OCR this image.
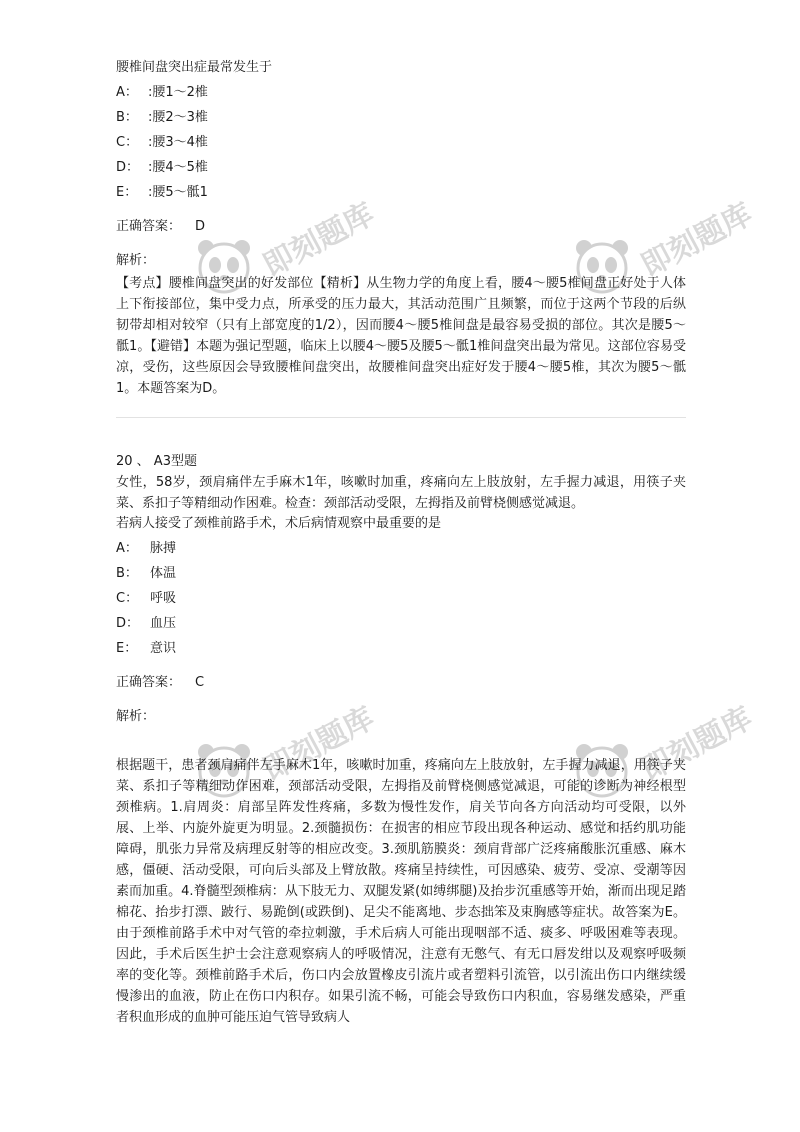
即刻题库	即刻题库
即刻题库	即刻题库

腰椎间盘突出症最常发生于

A： :腰1～2椎
B： :腰2～3椎
C： :腰3～4椎
D： :腰4～5椎
E： :腰5～骶1
正确答案： D
解析：

【考点】腰椎间盘突出的好发部位【精析】从生物力学的角度上看，腰4～腰5椎间盘正好处于人体上下衔接部位，集中受力点，所承受的压力最大，其活动范围广且频繁，而位于这两个节段的后纵韧带却相对较窄（只有上部宽度的1/2），因而腰4～腰5椎间盘是最容易受损的部位。其次是腰5～骶1。【避错】本题为强记型题，临床上以腰4～腰5及腰5～骶1椎间盘突出最为常见。这部位容易受凉，受伤，这些原因会导致腰椎间盘突出，故腰椎间盘突出症好发于腰4～腰5椎，其次为腰5～骶1。本题答案为D。

20 、 A3型题

女性，58岁，颈肩痛伴左手麻木1年，咳嗽时加重，疼痛向左上肢放射，左手握力减退，用筷子夹菜、系扣子等精细动作困难。检查：颈部活动受限，左拇指及前臂桡侧感觉减退。

若病人接受了颈椎前路手术，术后病情观察中最重要的是

A： 脉搏
B： 体温
C： 呼吸
D： 血压
E： 意识
正确答案： C
解析：

根据题干，患者颈肩痛伴左手麻木1年，咳嗽时加重，疼痛向左上肢放射，左手握力减退，用筷子夹菜、系扣子等精细动作困难，颈部活动受限，左拇指及前臂桡侧感觉减退，可能的诊断为神经根型颈椎病。1.肩周炎：肩部呈阵发性疼痛，多数为慢性发作，肩关节向各方向活动均可受限，以外展、上举、内旋外旋更为明显。2.颈髓损伤：在损害的相应节段出现各种运动、感觉和括约肌功能障碍，肌张力异常及病理反射等的相应改变。3.颈肌筋膜炎：颈肩背部广泛疼痛酸胀沉重感、麻木感，僵硬、活动受限，可向后头部及上臂放散。疼痛呈持续性，可因感染、疲劳、受凉、受潮等因素而加重。4.脊髓型颈椎病：从下肢无力、双腿发紧(如缚绑腿)及抬步沉重感等开始，渐而出现足踏棉花、抬步打漂、跛行、易跪倒(或跌倒)、足尖不能离地、步态拙笨及束胸感等症状。故答案为E。由于颈椎前路手术中对气管的牵拉刺激，手术后病人可能出现咽部不适、痰多、呼吸困难等表现。因此，手术后医生护士会注意观察病人的呼吸情况，注意有无憋气、有无口唇发绀以及观察呼吸频率的变化等。颈椎前路手术后，伤口内会放置橡皮引流片或者塑料引流管，以引流出伤口内继续缓慢渗出的血液，防止在伤口内积存。如果引流不畅，可能会导致伤口内积血，容易继发感染，严重者积血形成的血肿可能压迫气管导致病人
